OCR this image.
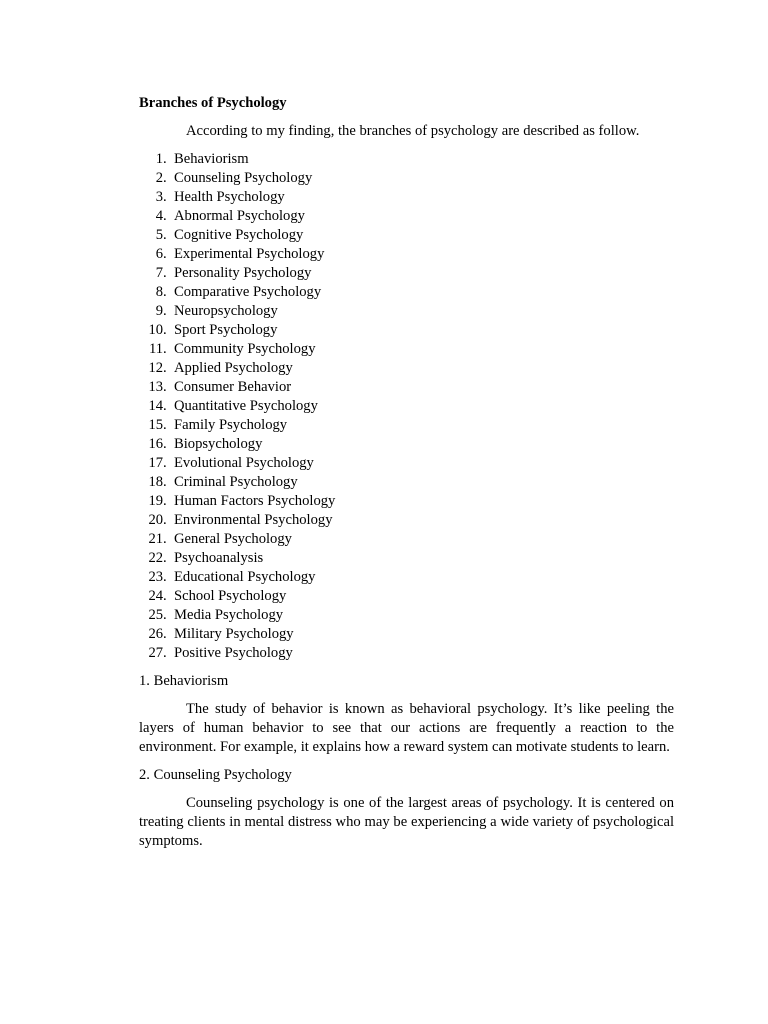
Branches of Psychology

According to my finding, the branches of psychology are described as follow.

1. Behaviorism
2. Counseling Psychology
3. Health Psychology
4. Abnormal Psychology
5. Cognitive Psychology
6. Experimental Psychology
7. Personality Psychology
8. Comparative Psychology
9. Neuropsychology
10. Sport Psychology
11. Community Psychology
12. Applied Psychology
13. Consumer Behavior
14. Quantitative Psychology
15. Family Psychology
16. Biopsychology
17. Evolutional Psychology
18. Criminal Psychology
19. Human Factors Psychology
20. Environmental Psychology
21. General Psychology
22. Psychoanalysis
23. Educational Psychology
24. School Psychology
25. Media Psychology
26. Military Psychology
27. Positive Psychology

1. Behaviorism

The study of behavior is known as behavioral psychology. It’s like peeling the layers of human behavior to see that our actions are frequently a reaction to the environment. For example, it explains how a reward system can motivate students to learn.

2. Counseling Psychology

Counseling psychology is one of the largest areas of psychology. It is centered on treating clients in mental distress who may be experiencing a wide variety of psychological symptoms.
